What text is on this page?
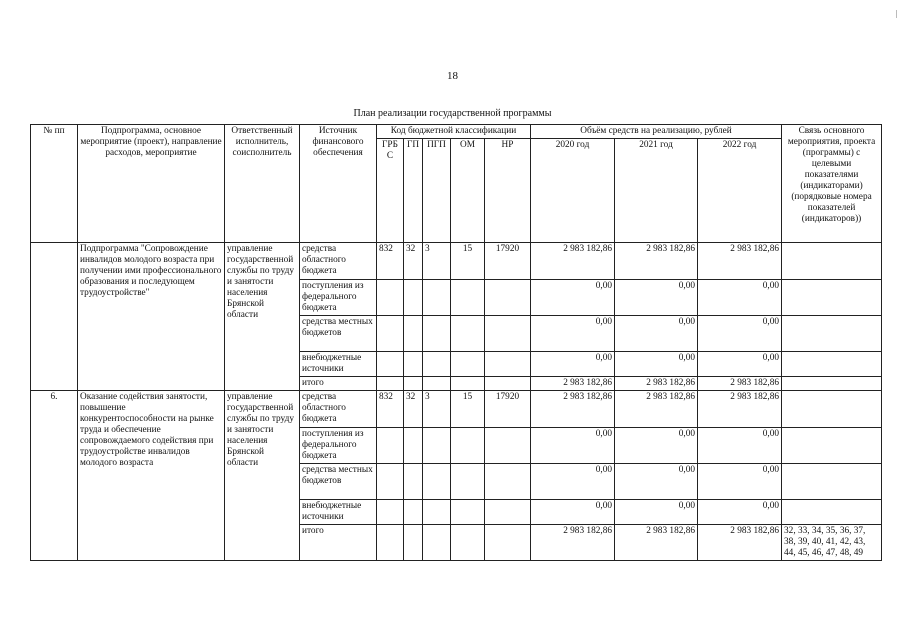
18
План реализации государственной программы
№ пп	Подпрограмма, основное мероприятие (проект), направление расходов, мероприятие	Ответственный исполнитель, соисполнитель	Источник финансового обеспечения	Код бюджетной классификации					Объём средств на реализацию, рублей			Связь основного мероприятия, проекта (программы) с целевыми показателями (индикаторами) (порядковые номера показателей (индикаторов))
				ГРБС	ГП	ПГП	ОМ	НР	2020 год	2021 год	2022 год	
	Подпрограмма "Сопровождение инвалидов молодого возраста при получении ими профессионального образования и последующем трудоустройстве"	управление государственной службы по труду и занятости населения Брянской области	средства областного бюджета	832	32	3	15	17920	2 983 182,86	2 983 182,86	2 983 182,86	
			поступления из федерального бюджета						0,00	0,00	0,00	
			средства местных бюджетов						0,00	0,00	0,00	
			внебюджетные источники						0,00	0,00	0,00	
			итого						2 983 182,86	2 983 182,86	2 983 182,86	
6.	Оказание содействия занятости, повышение конкурентоспособности на рынке труда и обеспечение сопровождаемого содействия при трудоустройстве инвалидов молодого возраста	управление государственной службы по труду и занятости населения Брянской области	средства областного бюджета	832	32	3	15	17920	2 983 182,86	2 983 182,86	2 983 182,86	
			поступления из федерального бюджета						0,00	0,00	0,00	
			средства местных бюджетов						0,00	0,00	0,00	
			внебюджетные источники						0,00	0,00	0,00	
			итого						2 983 182,86	2 983 182,86	2 983 182,86	32, 33, 34, 35, 36, 37, 38, 39, 40, 41, 42, 43, 44, 45, 46, 47, 48, 49
